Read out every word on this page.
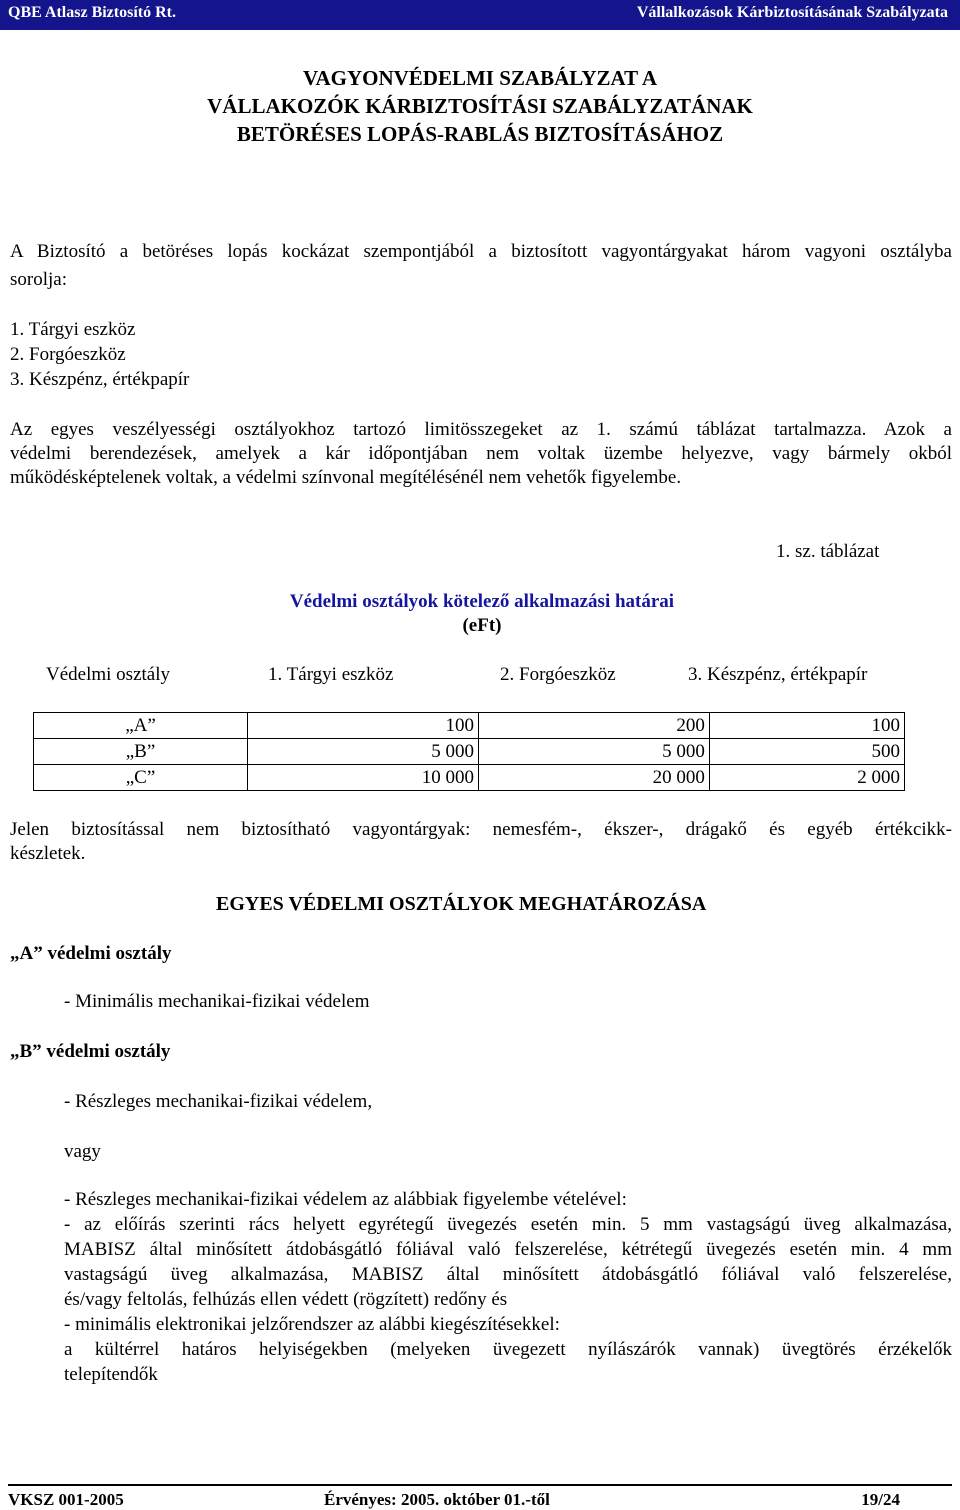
QBE Atlasz Biztosító Rt.	Vállalkozások Kárbiztosításának Szabályzata
VAGYONVÉDELMI SZABÁLYZAT A
VÁLLAKOZÓK KÁRBIZTOSÍTÁSI SZABÁLYZATÁNAK
BETÖRÉSES LOPÁS-RABLÁS BIZTOSÍTÁSÁHOZ
A Biztosító a betöréses lopás kockázat szempontjából a biztosított vagyontárgyakat három vagyoni osztályba
sorolja:
1. Tárgyi eszköz
2. Forgóeszköz
3. Készpénz, értékpapír
Az egyes veszélyességi osztályokhoz tartozó limitösszegeket az 1. számú táblázat tartalmazza. Azok a
védelmi berendezések, amelyek a kár időpontjában nem voltak üzembe helyezve, vagy bármely okból
működésképtelenek voltak, a védelmi színvonal megítélésénél nem vehetők figyelembe.
1. sz. táblázat
Védelmi osztályok kötelező alkalmazási határai
(eFt)
Védelmi osztály	1. Tárgyi eszköz	2. Forgóeszköz	3. Készpénz, értékpapír
„A”	100	200	100
„B”	5 000	5 000	500
„C”	10 000	20 000	2 000
Jelen biztosítással nem biztosítható vagyontárgyak: nemesfém-, ékszer-, drágakő és egyéb értékcikk-
készletek.
EGYES VÉDELMI OSZTÁLYOK MEGHATÁROZÁSA
„A” védelmi osztály
- Minimális mechanikai-fizikai védelem
„B” védelmi osztály
- Részleges mechanikai-fizikai védelem,
vagy
- Részleges mechanikai-fizikai védelem az alábbiak figyelembe vételével:
- az előírás szerinti rács helyett egyrétegű üvegezés esetén min. 5 mm vastagságú üveg alkalmazása,
MABISZ által minősített átdobásgátló fóliával való felszerelése, kétrétegű üvegezés esetén min. 4 mm
vastagságú üveg alkalmazása, MABISZ által minősített átdobásgátló fóliával való felszerelése,
és/vagy feltolás, felhúzás ellen védett (rögzített) redőny és
- minimális elektronikai jelzőrendszer az alábbi kiegészítésekkel:
a kültérrel határos helyiségekben (melyeken üvegezett nyílászárók vannak) üvegtörés érzékelők
telepítendők
VKSZ 001-2005	Érvényes: 2005. október 01.-től	19/24
